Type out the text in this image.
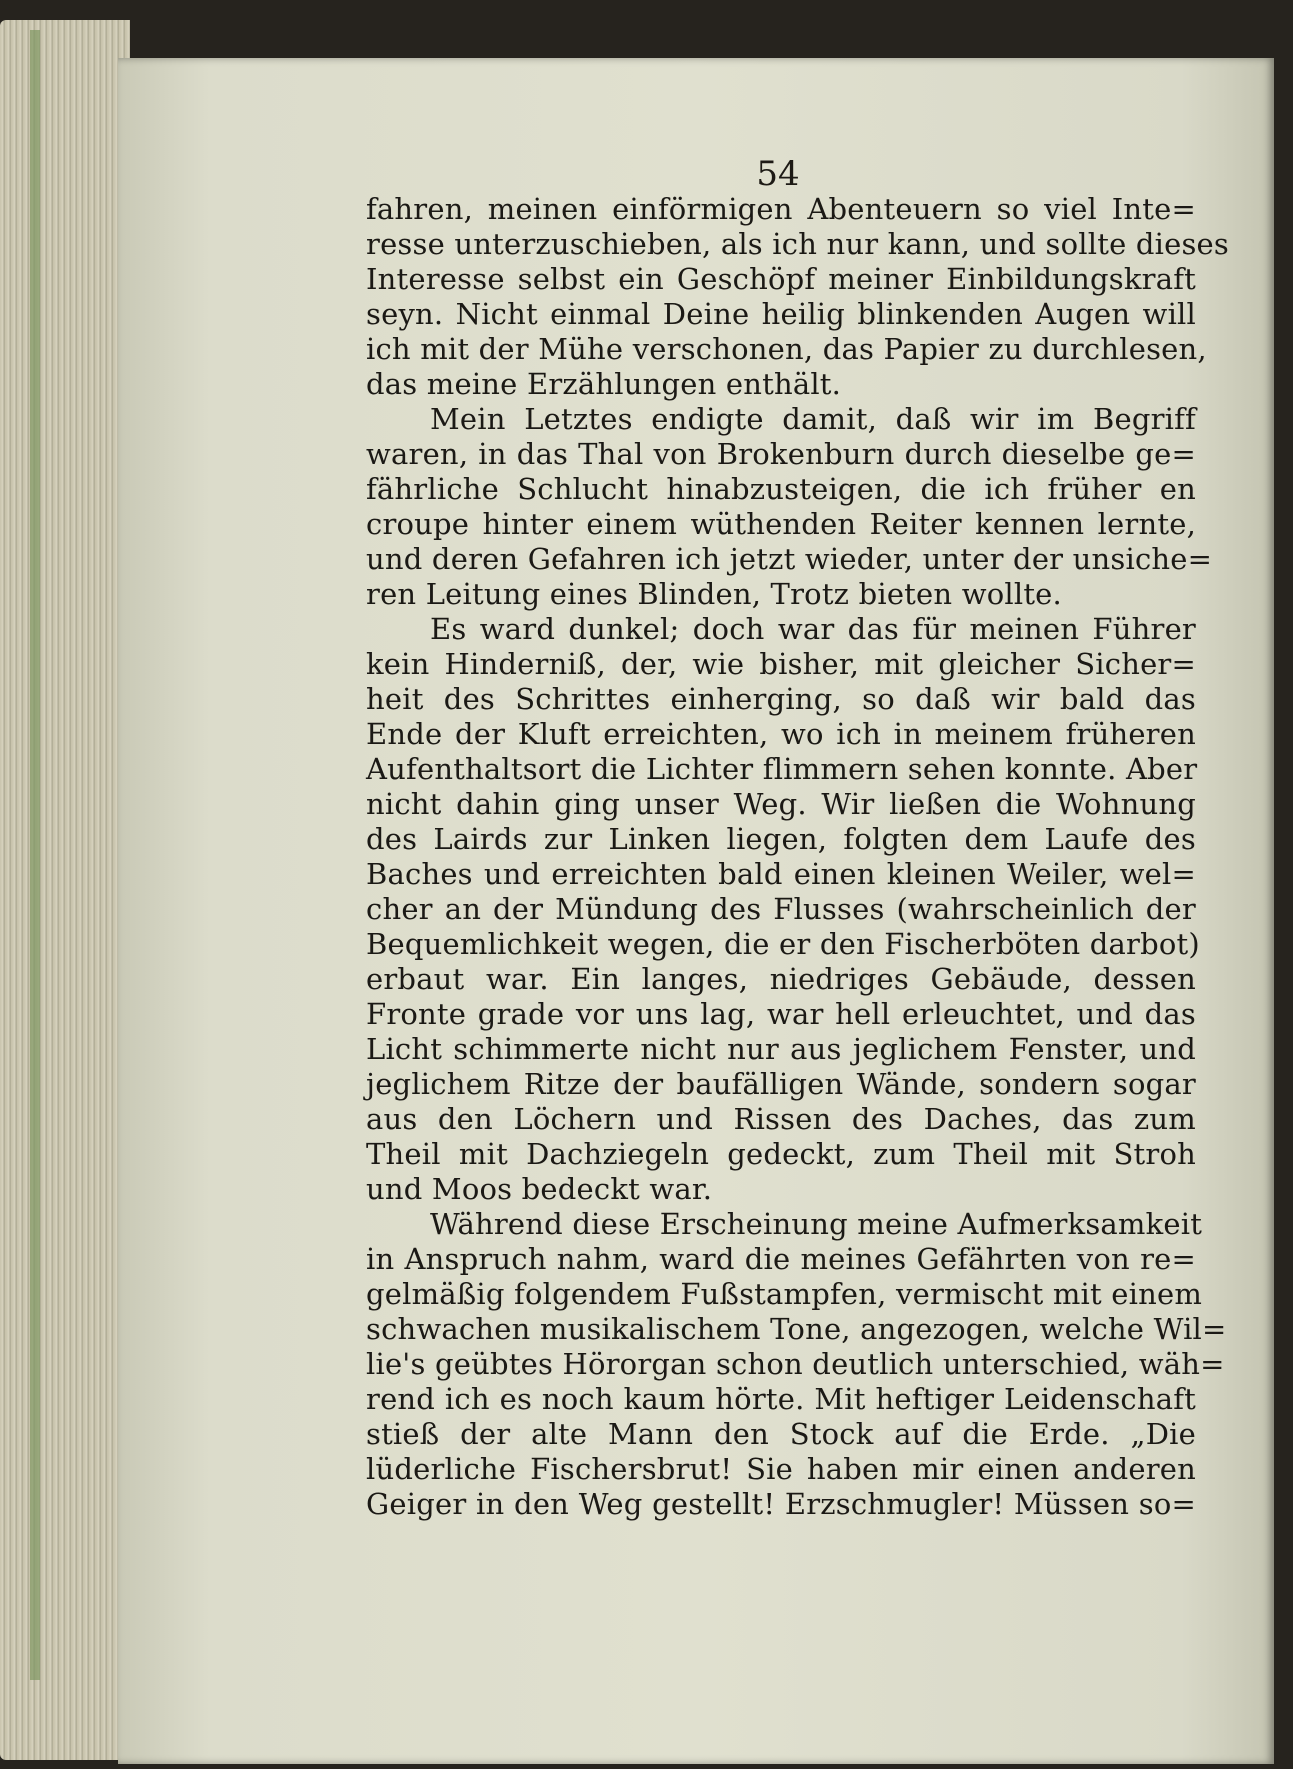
54
fahren, meinen einförmigen Abenteuern so viel Inte=
resse unterzuschieben, als ich nur kann, und sollte dieses
Interesse selbst ein Geschöpf meiner Einbildungskraft
seyn. Nicht einmal Deine heilig blinkenden Augen will
ich mit der Mühe verschonen, das Papier zu durchlesen,
das meine Erzählungen enthält.
Mein Letztes endigte damit, daß wir im Begriff
waren, in das Thal von Brokenburn durch dieselbe ge=
fährliche Schlucht hinabzusteigen, die ich früher en
croupe hinter einem wüthenden Reiter kennen lernte,
und deren Gefahren ich jetzt wieder, unter der unsiche=
ren Leitung eines Blinden, Trotz bieten wollte.
Es ward dunkel; doch war das für meinen Führer
kein Hinderniß, der, wie bisher, mit gleicher Sicher=
heit des Schrittes einherging, so daß wir bald das
Ende der Kluft erreichten, wo ich in meinem früheren
Aufenthaltsort die Lichter flimmern sehen konnte. Aber
nicht dahin ging unser Weg. Wir ließen die Wohnung
des Lairds zur Linken liegen, folgten dem Laufe des
Baches und erreichten bald einen kleinen Weiler, wel=
cher an der Mündung des Flusses (wahrscheinlich der
Bequemlichkeit wegen, die er den Fischerböten darbot)
erbaut war. Ein langes, niedriges Gebäude, dessen
Fronte grade vor uns lag, war hell erleuchtet, und das
Licht schimmerte nicht nur aus jeglichem Fenster, und
jeglichem Ritze der baufälligen Wände, sondern sogar
aus den Löchern und Rissen des Daches, das zum
Theil mit Dachziegeln gedeckt, zum Theil mit Stroh
und Moos bedeckt war.
Während diese Erscheinung meine Aufmerksamkeit
in Anspruch nahm, ward die meines Gefährten von re=
gelmäßig folgendem Fußstampfen, vermischt mit einem
schwachen musikalischem Tone, angezogen, welche Wil=
lie's geübtes Hörorgan schon deutlich unterschied, wäh=
rend ich es noch kaum hörte. Mit heftiger Leidenschaft
stieß der alte Mann den Stock auf die Erde. „Die
lüderliche Fischersbrut! Sie haben mir einen anderen
Geiger in den Weg gestellt! Erzschmugler! Müssen so=
